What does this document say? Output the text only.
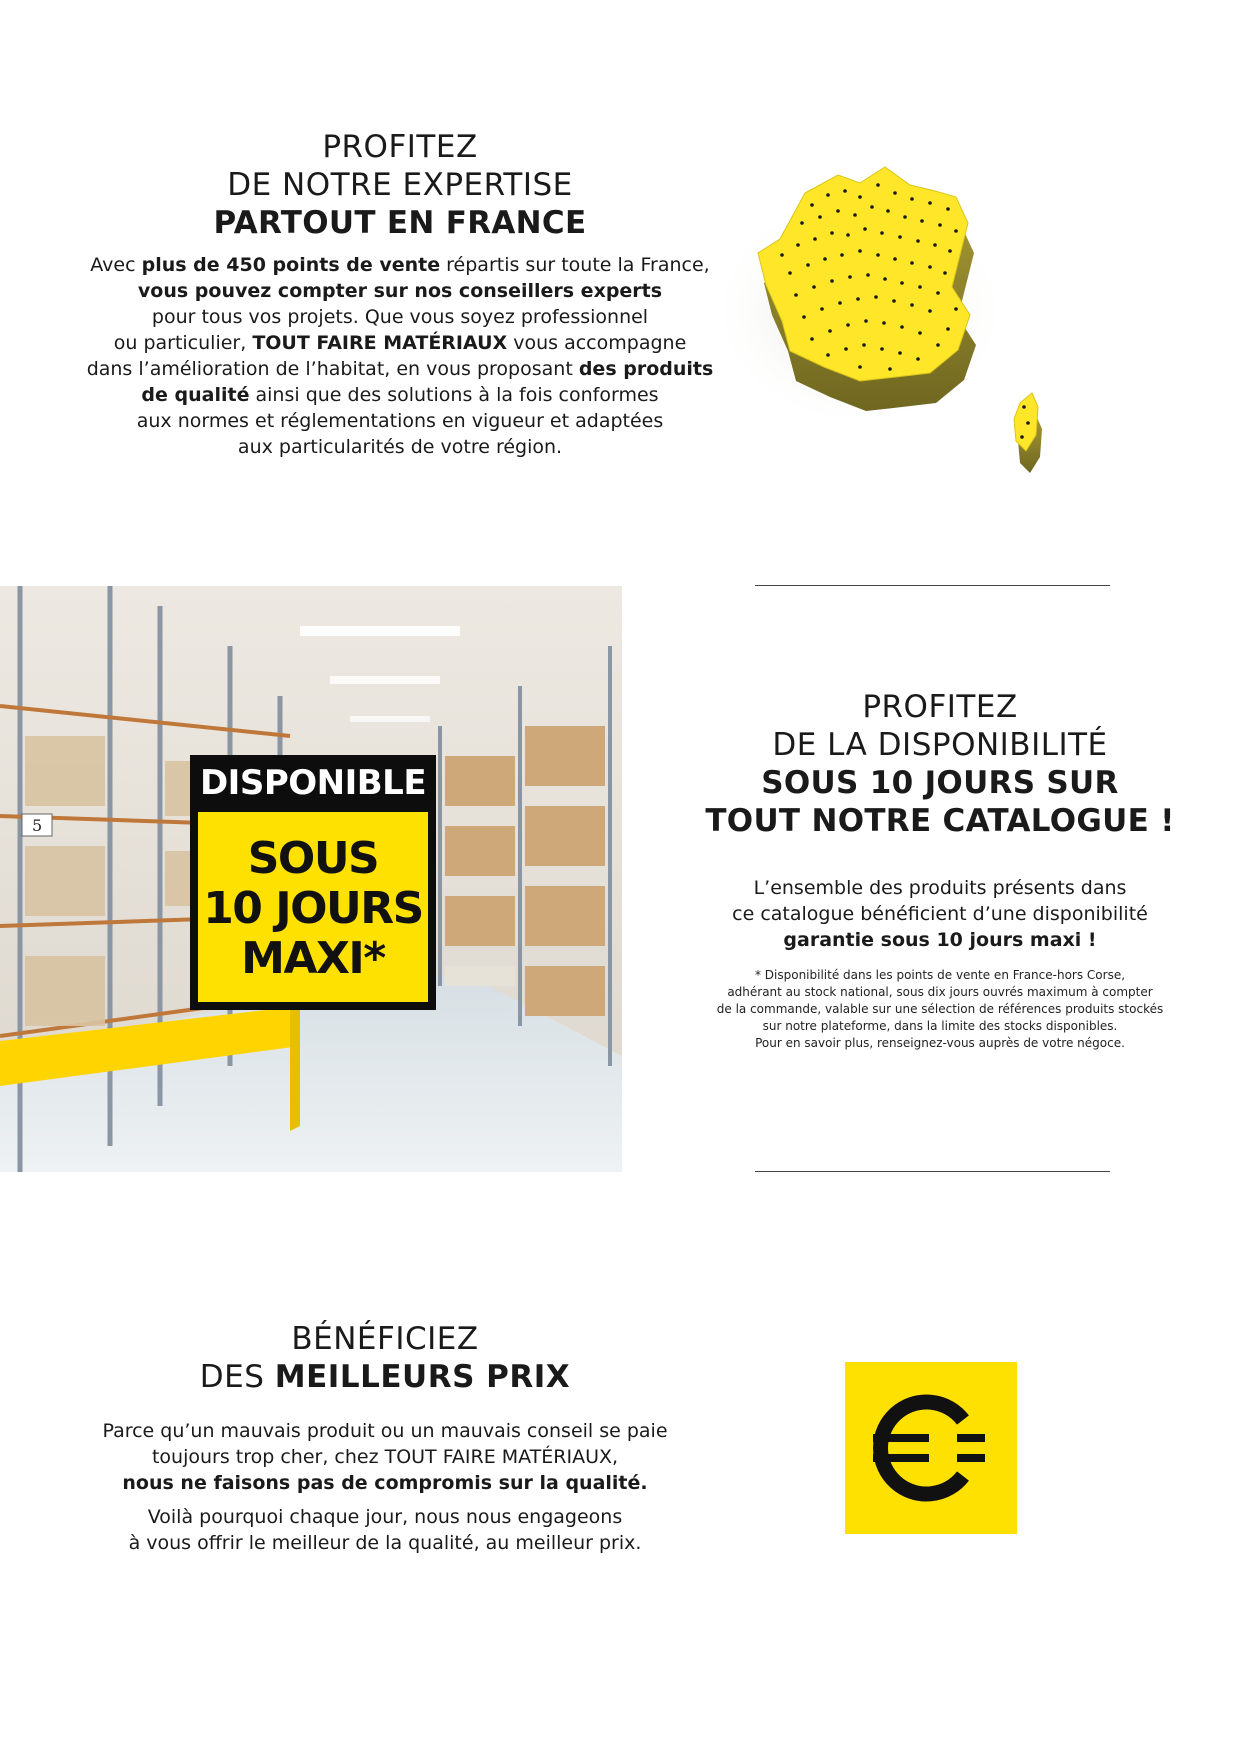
PROFITEZ
DE NOTRE EXPERTISE
PARTOUT EN FRANCE
Avec plus de 450 points de vente répartis sur toute la France,
vous pouvez compter sur nos conseillers experts
pour tous vos projets. Que vous soyez professionnel
ou particulier, TOUT FAIRE MATÉRIAUX vous accompagne
dans l’amélioration de l’habitat, en vous proposant des produits
de qualité ainsi que des solutions à la fois conformes
aux normes et réglementations en vigueur et adaptées
aux particularités de votre région.
5
DISPONIBLE
SOUS
10 JOURS
MAXI*
PROFITEZ
DE LA DISPONIBILITÉ
SOUS 10 JOURS SUR
TOUT NOTRE CATALOGUE !
L’ensemble des produits présents dans
ce catalogue bénéficient d’une disponibilité
garantie sous 10 jours maxi !
* Disponibilité dans les points de vente en France-hors Corse,
adhérant au stock national, sous dix jours ouvrés maximum à compter
de la commande, valable sur une sélection de références produits stockés
sur notre plateforme, dans la limite des stocks disponibles.
Pour en savoir plus, renseignez-vous auprès de votre négoce.
BÉNÉFICIEZ
DES MEILLEURS PRIX
Parce qu’un mauvais produit ou un mauvais conseil se paie
toujours trop cher, chez TOUT FAIRE MATÉRIAUX,
nous ne faisons pas de compromis sur la qualité.
Voilà pourquoi chaque jour, nous nous engageons
à vous offrir le meilleur de la qualité, au meilleur prix.
